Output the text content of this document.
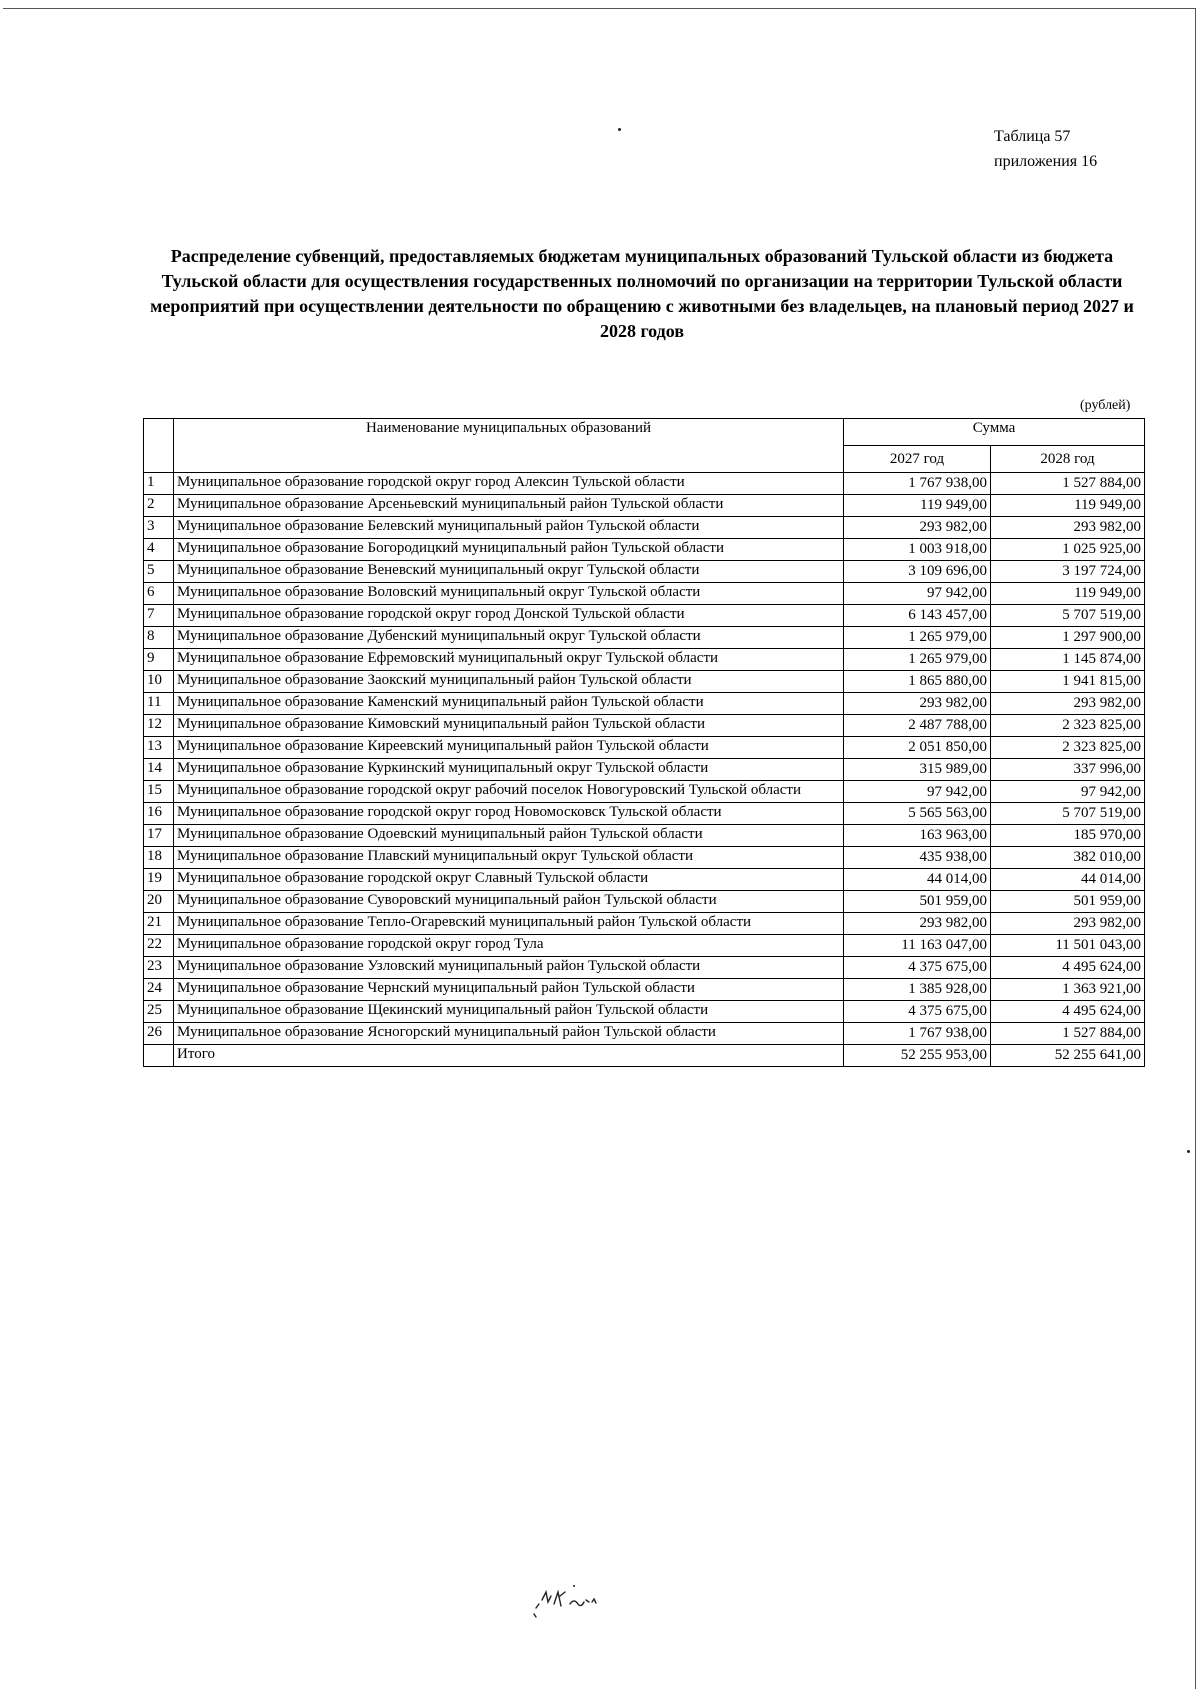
Таблица 57
приложения 16
Распределение субвенций, предоставляемых бюджетам муниципальных образований Тульской области из бюджета Тульской области для осуществления государственных полномочий по организации на территории Тульской области мероприятий при осуществлении деятельности по обращению с животными без владельцев, на плановый период 2027 и 2028 годов
(рублей)
	Наименование муниципальных образований	Сумма	
		2027 год	2028 год
1	Муниципальное образование городской округ город Алексин Тульской области	1 767 938,00	1 527 884,00
2	Муниципальное образование Арсеньевский муниципальный район Тульской области	119 949,00	119 949,00
3	Муниципальное образование Белевский муниципальный район Тульской области	293 982,00	293 982,00
4	Муниципальное образование Богородицкий муниципальный район Тульской области	1 003 918,00	1 025 925,00
5	Муниципальное образование Веневский муниципальный округ Тульской области	3 109 696,00	3 197 724,00
6	Муниципальное образование Воловский муниципальный округ Тульской области	97 942,00	119 949,00
7	Муниципальное образование городской округ город Донской Тульской области	6 143 457,00	5 707 519,00
8	Муниципальное образование Дубенский муниципальный округ Тульской области	1 265 979,00	1 297 900,00
9	Муниципальное образование Ефремовский муниципальный округ Тульской области	1 265 979,00	1 145 874,00
10	Муниципальное образование Заокский муниципальный район Тульской области	1 865 880,00	1 941 815,00
11	Муниципальное образование Каменский муниципальный район Тульской области	293 982,00	293 982,00
12	Муниципальное образование Кимовский муниципальный район Тульской области	2 487 788,00	2 323 825,00
13	Муниципальное образование Киреевский муниципальный район Тульской области	2 051 850,00	2 323 825,00
14	Муниципальное образование Куркинский муниципальный округ Тульской области	315 989,00	337 996,00
15	Муниципальное образование городской округ рабочий поселок Новогуровский Тульской области	97 942,00	97 942,00
16	Муниципальное образование городской округ город Новомосковск Тульской области	5 565 563,00	5 707 519,00
17	Муниципальное образование Одоевский муниципальный район Тульской области	163 963,00	185 970,00
18	Муниципальное образование Плавский муниципальный округ Тульской области	435 938,00	382 010,00
19	Муниципальное образование городской округ Славный Тульской области	44 014,00	44 014,00
20	Муниципальное образование Суворовский муниципальный район Тульской области	501 959,00	501 959,00
21	Муниципальное образование Тепло-Огаревский муниципальный район Тульской области	293 982,00	293 982,00
22	Муниципальное образование городской округ город Тула	11 163 047,00	11 501 043,00
23	Муниципальное образование Узловский муниципальный район Тульской области	4 375 675,00	4 495 624,00
24	Муниципальное образование Чернский муниципальный район Тульской области	1 385 928,00	1 363 921,00
25	Муниципальное образование Щекинский муниципальный район Тульской области	4 375 675,00	4 495 624,00
26	Муниципальное образование Ясногорский муниципальный район Тульской области	1 767 938,00	1 527 884,00
	Итого	52 255 953,00	52 255 641,00
